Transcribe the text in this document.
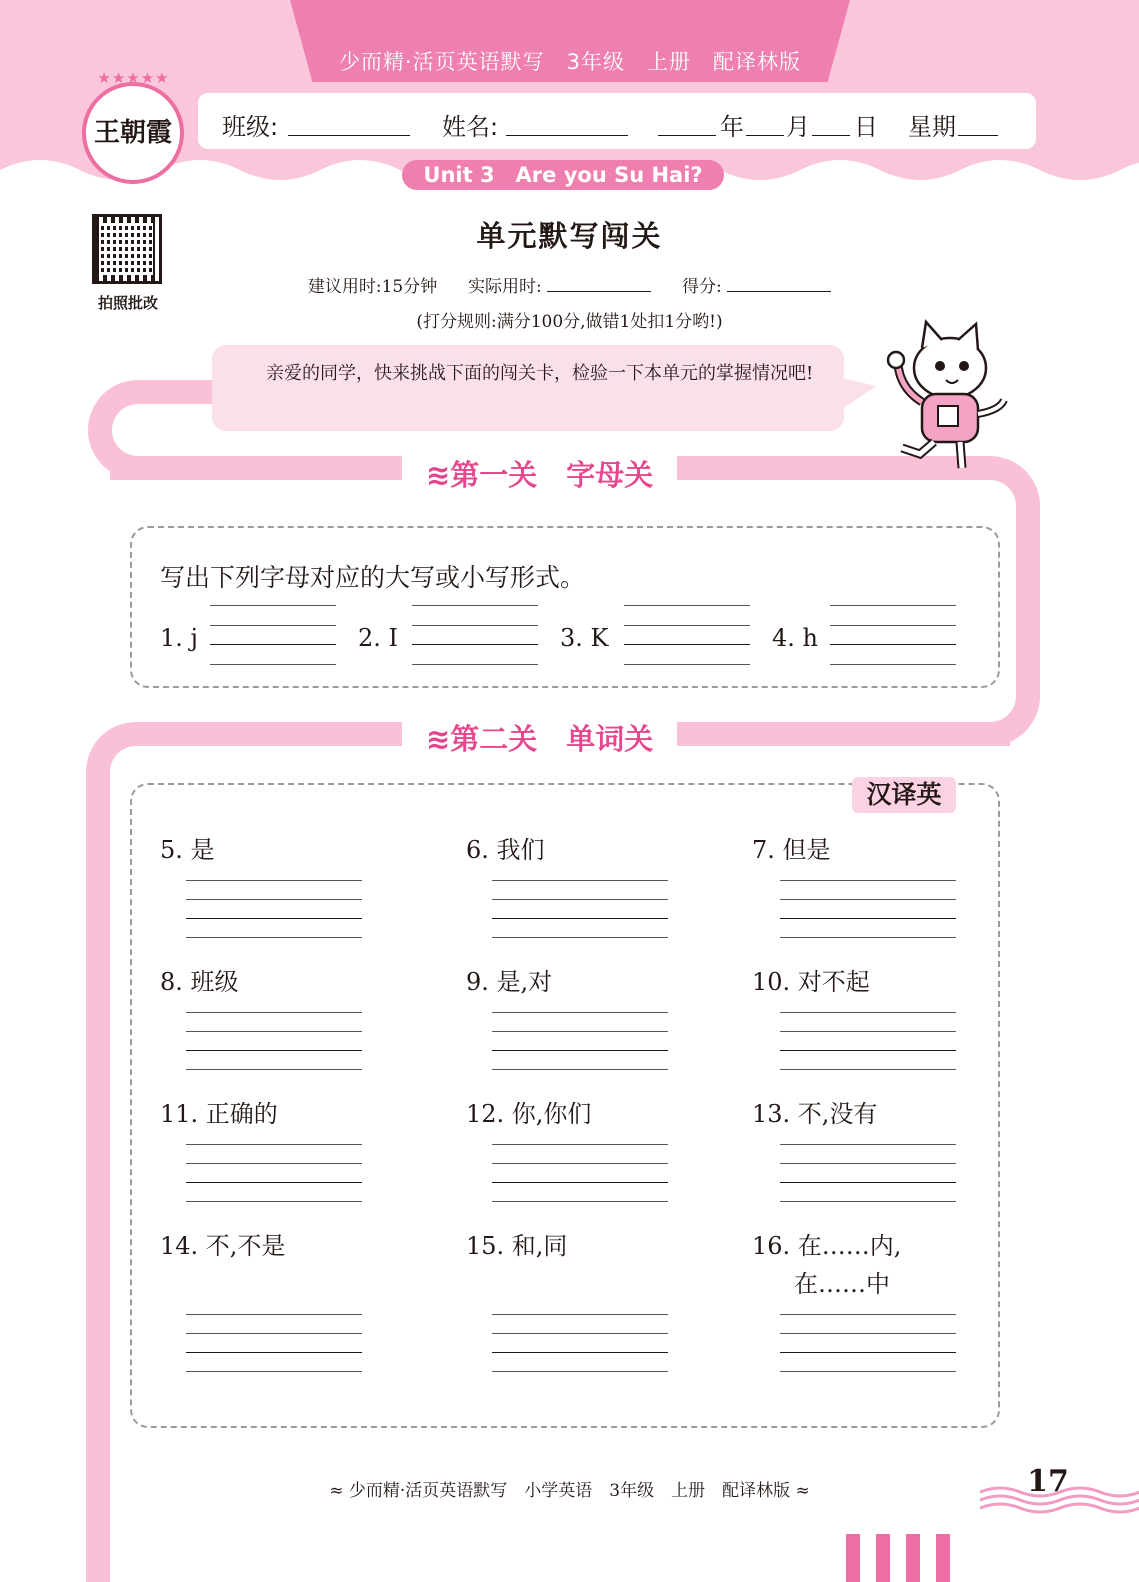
少而精·活页英语默写　3年级　上册　配译林版
班级:	姓名:	年 月 日 星期
★★★★★
王朝霞
Unit 3　Are you Su Hai?
拍照批改
单元默写闯关
建议用时:15分钟 实际用时:	得分:
(打分规则:满分100分,做错1处扣1分哟!)
亲爱的同学，快来挑战下面的闯关卡，检验一下本单元的掌握情况吧!
≋第一关　字母关
写出下列字母对应的大写或小写形式。
1. j	2. I	3. K	4. h
≋第二关　单词关
汉译英
5. 是	6. 我们	7. 但是
8. 班级	9. 是,对	10. 对不起
11. 正确的	12. 你,你们	13. 不,没有
14. 不,不是	15. 和,同	16. 在……内,
在……中
≈ 少而精·活页英语默写　小学英语　3年级　上册　配译林版 ≈	17
